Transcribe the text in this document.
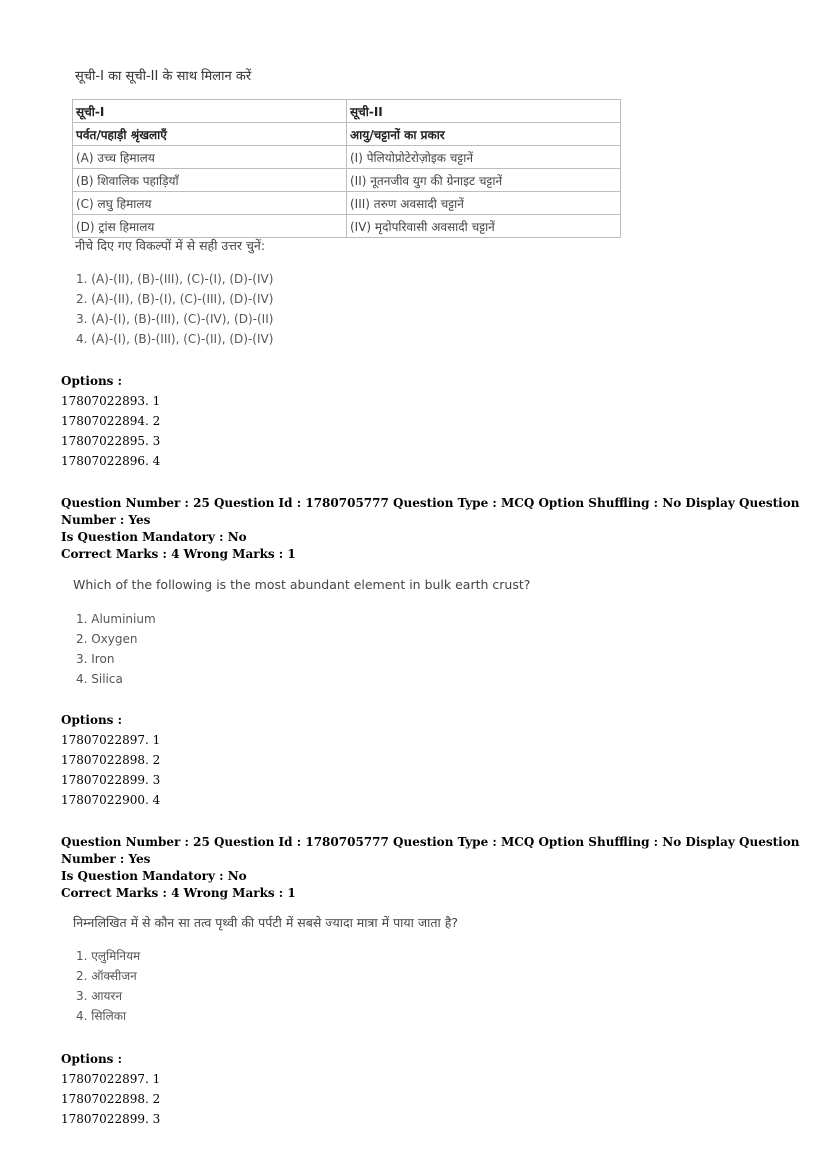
सूची-I का सूची-II के साथ मिलान करें
सूची-I	सूची-II
पर्वत/पहाड़ी श्रृंखलाएँ	आयु/चट्टानों का प्रकार
(A) उच्च हिमालय	(I) पेलियोप्रोटेरोज़ोइक चट्टानें
(B) शिवालिक पहाड़ियाँ	(II) नूतनजीव युग की ग्रेनाइट चट्टानें
(C) लघु हिमालय	(III) तरुण अवसादी चट्टानें
(D) ट्रांस हिमालय	(IV) मृदोपरिवासी अवसादी चट्टानें
नीचे दिए गए विकल्पों में से सही उत्तर चुनें:
1. (A)-(II), (B)-(III), (C)-(I), (D)-(IV)
2. (A)-(II), (B)-(I), (C)-(III), (D)-(IV)
3. (A)-(I), (B)-(III), (C)-(IV), (D)-(II)
4. (A)-(I), (B)-(III), (C)-(II), (D)-(IV)
Options :
17807022893. 1
17807022894. 2
17807022895. 3
17807022896. 4
Question Number : 25 Question Id : 1780705777 Question Type : MCQ Option Shuffling : No Display Question Number : Yes
Is Question Mandatory : No
Correct Marks : 4 Wrong Marks : 1
Which of the following is the most abundant element in bulk earth crust?
1. Aluminium
2. Oxygen
3. Iron
4. Silica
Options :
17807022897. 1
17807022898. 2
17807022899. 3
17807022900. 4
Question Number : 25 Question Id : 1780705777 Question Type : MCQ Option Shuffling : No Display Question Number : Yes
Is Question Mandatory : No
Correct Marks : 4 Wrong Marks : 1
निम्नलिखित में से कौन सा तत्व पृथ्वी की पर्पटी में सबसे ज्यादा मात्रा में पाया जाता है?
1. एलुमिनियम
2. ऑक्सीजन
3. आयरन
4. सिलिका
Options :
17807022897. 1
17807022898. 2
17807022899. 3
